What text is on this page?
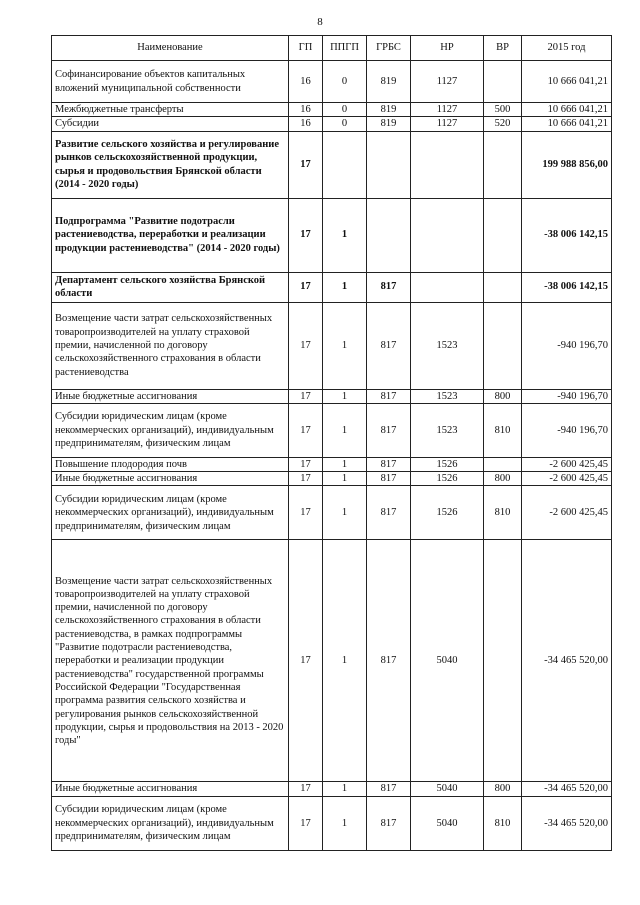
8
Наименование	ГП	ППГП	ГРБС	НР	ВР	2015 год
Софинансирование объектов капитальных вложений муниципальной собственности	16	0	819	1127		10 666 041,21
Межбюджетные трансферты	16	0	819	1127	500	10 666 041,21
Субсидии	16	0	819	1127	520	10 666 041,21
Развитие сельского хозяйства и регулирование рынков сельскохозяйственной продукции, сырья и продовольствия Брянской области (2014 - 2020 годы)	17					199 988 856,00
Подпрограмма "Развитие подотрасли растениеводства, переработки и реализации продукции растениеводства" (2014 - 2020 годы)	17	1				-38 006 142,15
Департамент сельского хозяйства Брянской области	17	1	817			-38 006 142,15
Возмещение части затрат сельскохозяйственных товаропроизводителей на уплату страховой премии, начисленной по договору сельскохозяйственного страхования в области растениеводства	17	1	817	1523		-940 196,70
Иные бюджетные ассигнования	17	1	817	1523	800	-940 196,70
Субсидии юридическим лицам (кроме некоммерческих организаций), индивидуальным предпринимателям, физическим лицам	17	1	817	1523	810	-940 196,70
Повышение плодородия почв	17	1	817	1526		-2 600 425,45
Иные бюджетные ассигнования	17	1	817	1526	800	-2 600 425,45
Субсидии юридическим лицам (кроме некоммерческих организаций), индивидуальным предпринимателям, физическим лицам	17	1	817	1526	810	-2 600 425,45
Возмещение части затрат сельскохозяйственных товаропроизводителей на уплату страховой премии, начисленной по договору сельскохозяйственного страхования в области растениеводства, в рамках подпрограммы "Развитие подотрасли растениеводства, переработки и реализации продукции растениеводства" государственной программы Российской Федерации "Государственная программа развития сельского хозяйства и регулирования рынков сельскохозяйственной продукции, сырья и продовольствия на 2013 - 2020 годы"	17	1	817	5040		-34 465 520,00
Иные бюджетные ассигнования	17	1	817	5040	800	-34 465 520,00
Субсидии юридическим лицам (кроме некоммерческих организаций), индивидуальным предпринимателям, физическим лицам	17	1	817	5040	810	-34 465 520,00
